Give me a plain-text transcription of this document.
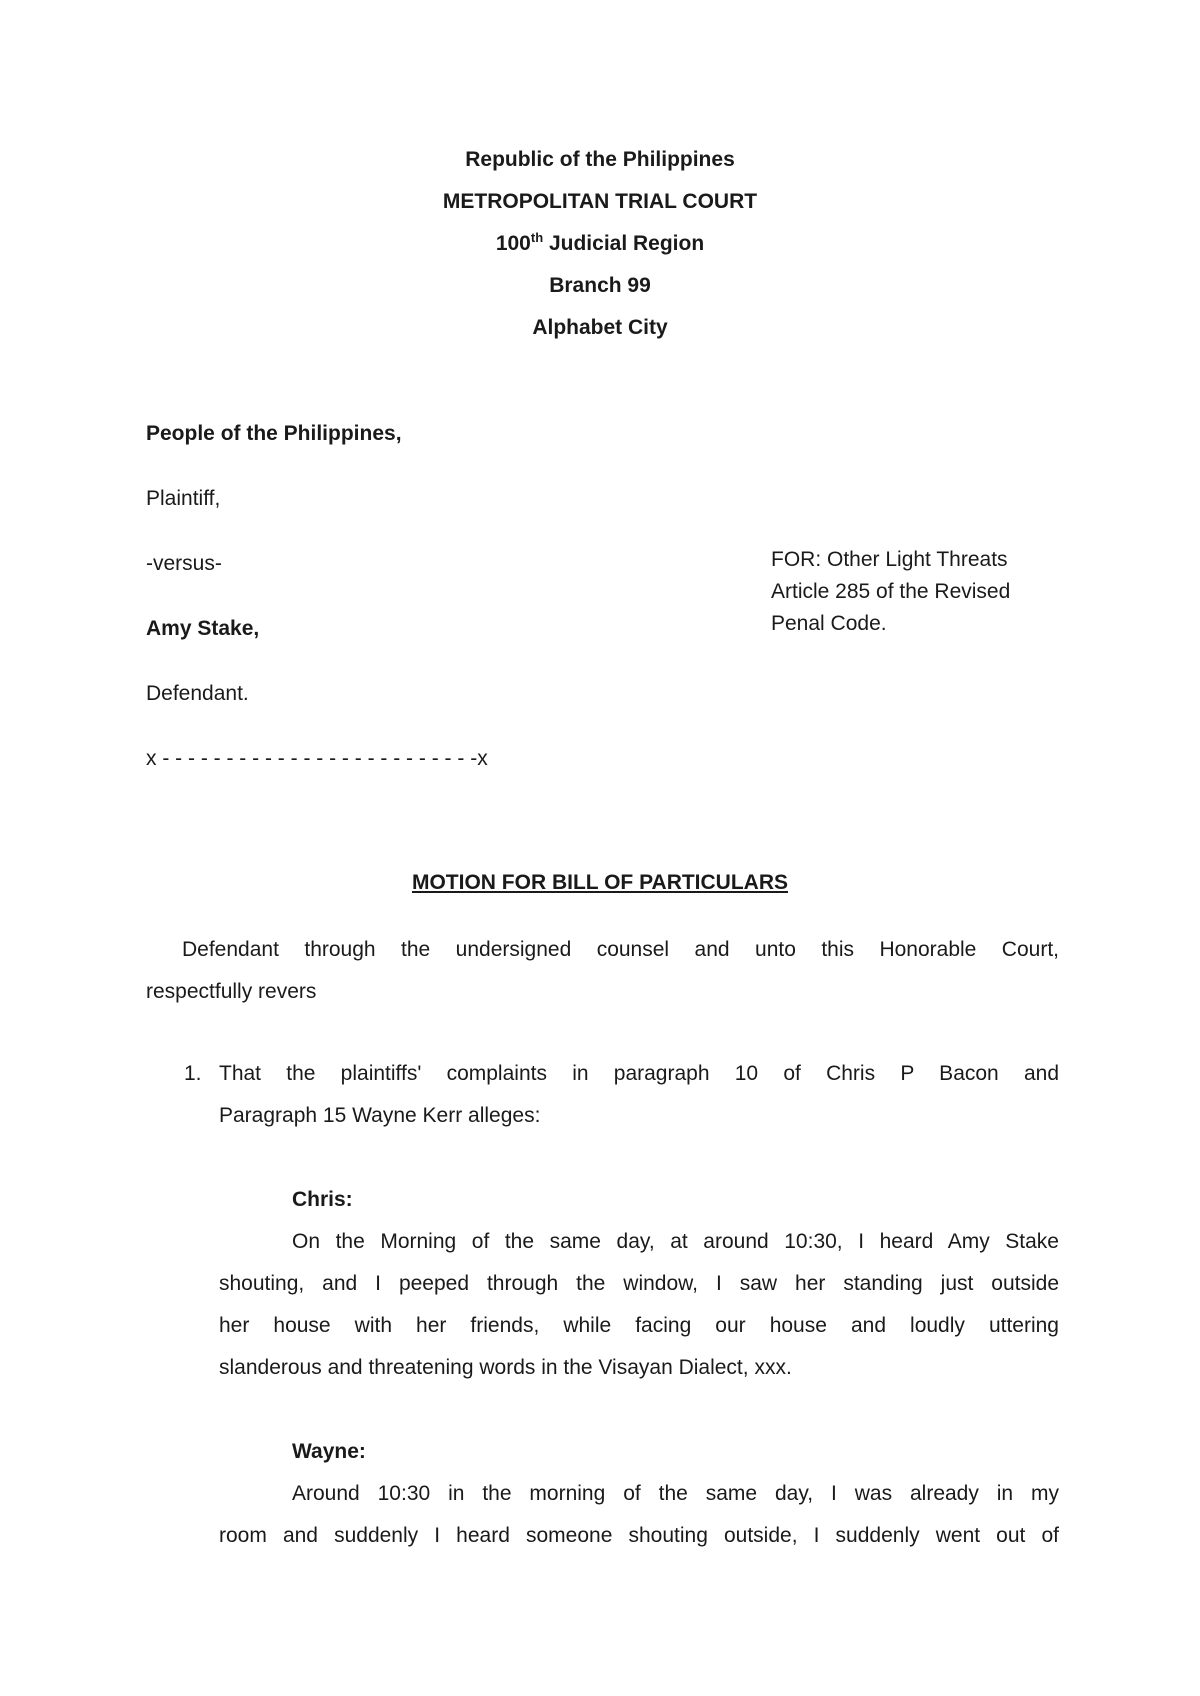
Republic of the Philippines
METROPOLITAN TRIAL COURT
100th Judicial Region
Branch 99
Alphabet City
People of the Philippines,
Plaintiff,
-versus-
Amy Stake,
Defendant.
x - - - - - - - - - - - - - - - - - - - - - - - - -x
FOR: Other Light Threats
Article 285 of the Revised
Penal Code.
MOTION FOR BILL OF PARTICULARS
Defendant through the undersigned counsel and unto this Honorable Court,
respectfully revers
1. That the plaintiffs' complaints in paragraph 10 of Chris P Bacon and
Paragraph 15 Wayne Kerr alleges:
Chris:
On the Morning of the same day, at around 10:30, I heard Amy Stake
shouting, and I peeped through the window, I saw her standing just outside
her house with her friends, while facing our house and loudly uttering
slanderous and threatening words in the Visayan Dialect, xxx.
Wayne:
Around 10:30 in the morning of the same day, I was already in my
room and suddenly I heard someone shouting outside, I suddenly went out of
